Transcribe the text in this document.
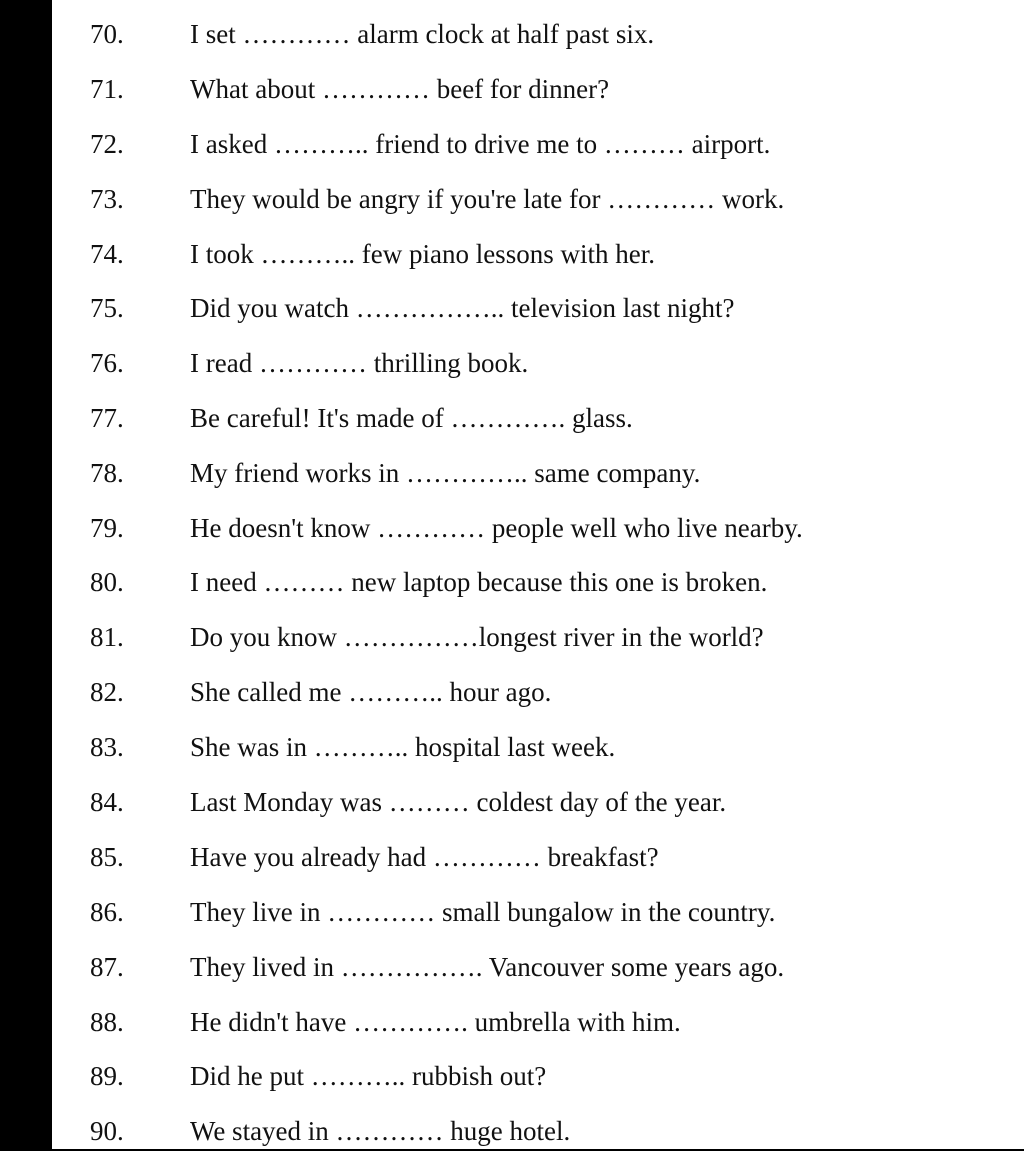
70. I set ………… alarm clock at half past six.
71. What about ………… beef for dinner?
72. I asked ……….. friend to drive me to ……… airport.
73. They would be angry if you're late for ………… work.
74. I took ……….. few piano lessons with her.
75. Did you watch …………….. television last night?
76. I read ………… thrilling book.
77. Be careful! It's made of …………. glass.
78. My friend works in ………….. same company.
79. He doesn't know ………… people well who live nearby.
80. I need ……… new laptop because this one is broken.
81. Do you know ……………longest river in the world?
82. She called me ……….. hour ago.
83. She was in ……….. hospital last week.
84. Last Monday was ……… coldest day of the year.
85. Have you already had ………… breakfast?
86. They live in ………… small bungalow in the country.
87. They lived in ……………. Vancouver some years ago.
88. He didn't have …………. umbrella with him.
89. Did he put ……….. rubbish out?
90. We stayed in ………… huge hotel.
